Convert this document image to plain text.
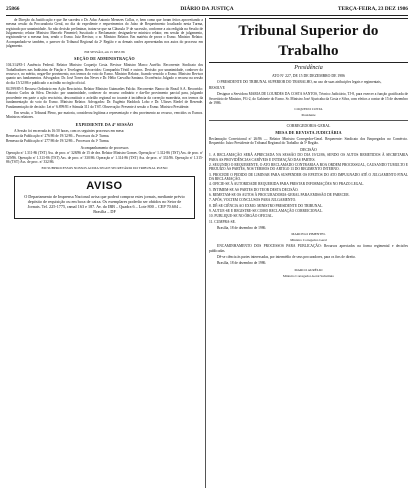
25866	DIÁRIO DA JUSTIÇA	TERÇA-FEIRA, 23 DEZ 1986

de Direção da Justificação e que lhe sucedeu o Dr. Aduc Antonio Menezes Collas, e, bem como que foram feitos aproveitando a mesma cessão da Procuradoria Geral, no dia do expediente e requerimentos do Juízo de Requerimento localizado nesta Turma, registrado por unanimidade. Ao não decisão preliminar, tratou-se que na Cláusula 3ª de sucessão, conforme a ata redigida na Sessão de Julgamento; relator Ministro Marcelo Pimentel; Suscitado o Reclamante; designado-se ministro relator, em sessão de julgamento, registrando-se a mesma fora, sendo o Exmo. Juiz Revisor, o sr. Ministro Relator. Em matéria de prova o Exmo. Ministro Relator. Acompanhado-se também, o parecer do Tribunal Regional da 2ª Região e as demais razões apresentadas nos autos do processo em julgamento.

EM SESSÃO, em 15 DEZ 86

SEÇÃO DE ADMINISTRAÇÃO

104.314/83-1 Ausência Federal. Relator Ministro Coqueijo Costa. Revisor Ministro Marco Aurélio. Recorrente: Sindicato dos Trabalhadores nas Indústrias de Fiação e Tecelagem. Recorridos: Companhia Têxtil e outros. Decisão: por unanimidade, conhecer do recurso e, no mérito, negar-lhe provimento, nos termos do voto do Exmo. Ministro Relator, ficando vencido o Exmo. Ministro Revisor quanto aos fundamentos. Advogados: Dr. José Torres das Neves e Dr. Hélio Carvalho Santana. Ocorrência: Julgado o recurso na sessão do dia 15/12/86 e publicado o acórdão no órgão oficial.

84.599/85-5 Recurso Ordinário em Ação Rescisória. Relator Ministro Guimarães Falcão. Recorrente: Banco do Brasil S.A. Recorrido: Antonio Carlos da Silva. Decisão: por unanimidade, conhecer do recurso ordinário e dar-lhe provimento parcial para, julgando procedente em parte a ação rescisória, desconstituir o acórdão regional no tocante à incidência da correção monetária, nos termos da fundamentação do voto do Exmo. Ministro Relator. Advogados: Dr. Eugênio Haddock Lobo e Dr. Ulisses Riedel de Resende. Fundamentação de decisão: Lei nº 6.899/81 e Súmula 311 do TST. Observação: Presente à sessão o Exmo. Ministro Presidente.

Em sessão, o Tribunal Pleno, por maioria, considerou legítima a representação e deu provimento ao recurso, vencidos os Exmos. Ministros relatores.

EXPEDIENTE DA 4ª SESSÃO

A Sessão foi encerrada às 16:50 horas, com os seguintes processos em mesa:

Remessa da Publicação nº 276/86 de 19/12/86 – Processos da 2ª Turma.

Remessa da Publicação nº 277/86 de 19/12/86 – Processos da 1ª Turma.

Acompanhamento de processos

Operação nº 1.311-86 (TST) Ass. de proc. nº 328/86 de 15 de dez. Relator Ministro Gomes. Operação nº 1.312-86 (TST) Ass. de proc. nº 329/86. Operação nº 1.313-86 (TST) Ass. de proc. nº 330/86. Operação nº 1.314-86 (TST) Ass. de proc. nº 331/86. Operação nº 1.315-86 (TST) Ass. de proc. nº 332/86.

EM SUBPROCESSOS NOSSOS ACIMA SEGUE SECRETÁRIO DO TRIBUNAL PLENO

AVISO
O Departamento de Imprensa Nacional avisa que poderá comprar estes jornais, mediante prévio depósito de requisição ou em boca de caixa. Os exemplares poderão ser obtidos no Setor de Jornais. Tel. 225-1775, ramal 163 e 187. Av. do IBB – Quadra 6 – Lote 800 – CEP 70.604 – Brasília – DF
Tribunal Superior do Trabalho
Presidência

ATO Nº 227, DE 15 DE DEZEMBRO DE 1986

O PRESIDENTE DO TRIBUNAL SUPERIOR DO TRABALHO, no uso de suas atribuições legais e regimentais,

RESOLVE

Designar a Servidora MARIA DE LOURDES DA COSTA SANTOS, Técnico Judiciário, TJ-8, para exercer a função gratificada de Secretário de Ministro, FG-2, do Gabinete do Exmo. Sr. Ministro José Ajuricaba da Costa e Silva, com efeitos a contar de 15 de dezembro de 1986.

COQUEIJO COSTA

Presidente

CORREGEDORIA-GERAL

MESA DE REVISTA JUDICIÁRIA

Reclamação Correicional nº 26/86 — Relator Ministro Corregedor-Geral. Requerente: Sindicato dos Empregados no Comércio. Requerido: Juízo Presidente do Tribunal Regional do Trabalho da 5ª Região.

DECISÃO

1. A RECLAMAÇÃO SERÁ APRECIADA NA SESSÃO DO DIA 19/12/86, SENDO OS AUTOS REMETIDOS À SECRETARIA PARA AS PROVIDÊNCIAS CABÍVEIS E INTIMAÇÃO DAS PARTES.

2. SEGUNDO O REQUERENTE, O ATO RECLAMADO CONTRARIA A BOA ORDEM PROCESSUAL, CAUSANDO TUMULTO E PREJUÍZO ÀS PARTES, NOS TERMOS DO ARTIGO 13 DO REGIMENTO INTERNO.

3. PROCEDE O PEDIDO DE LIMINAR PARA SUSPENDER OS EFEITOS DO ATO IMPUGNADO ATÉ O JULGAMENTO FINAL DA RECLAMAÇÃO.

4. OFICIE-SE À AUTORIDADE REQUERIDA PARA PRESTAR INFORMAÇÕES NO PRAZO LEGAL.

5. INTIMEM-SE AS PARTES DO TEOR DESTA DECISÃO.

6. REMETAM-SE OS AUTOS À PROCURADORIA-GERAL PARA EMISSÃO DE PARECER.

7. APÓS, VOLTEM CONCLUSOS PARA JULGAMENTO.

8. DÊ-SE CIÊNCIA AO EXMO. MINISTRO PRESIDENTE DO TRIBUNAL.

9. AUTUE-SE E REGISTRE-SE COMO RECLAMAÇÃO CORREICIONAL.

10. PUBLIQUE-SE NO ÓRGÃO OFICIAL.

11. CUMPRA-SE.

Brasília, 18 de dezembro de 1986.

MARCELO PIMENTEL

Ministro Corregedor-Geral

ENCAMINHAMENTO DOS PROCESSOS PARA PUBLICAÇÃO: Recursos apreciados na forma regimental e decisões publicadas.

Dê-se ciência às partes interessadas, por intermédio de seus procuradores, para os fins de direito.

Brasília, 18 de dezembro de 1986.

MARCO AURÉLIO

Ministro Corregedor-Geral Substituto
